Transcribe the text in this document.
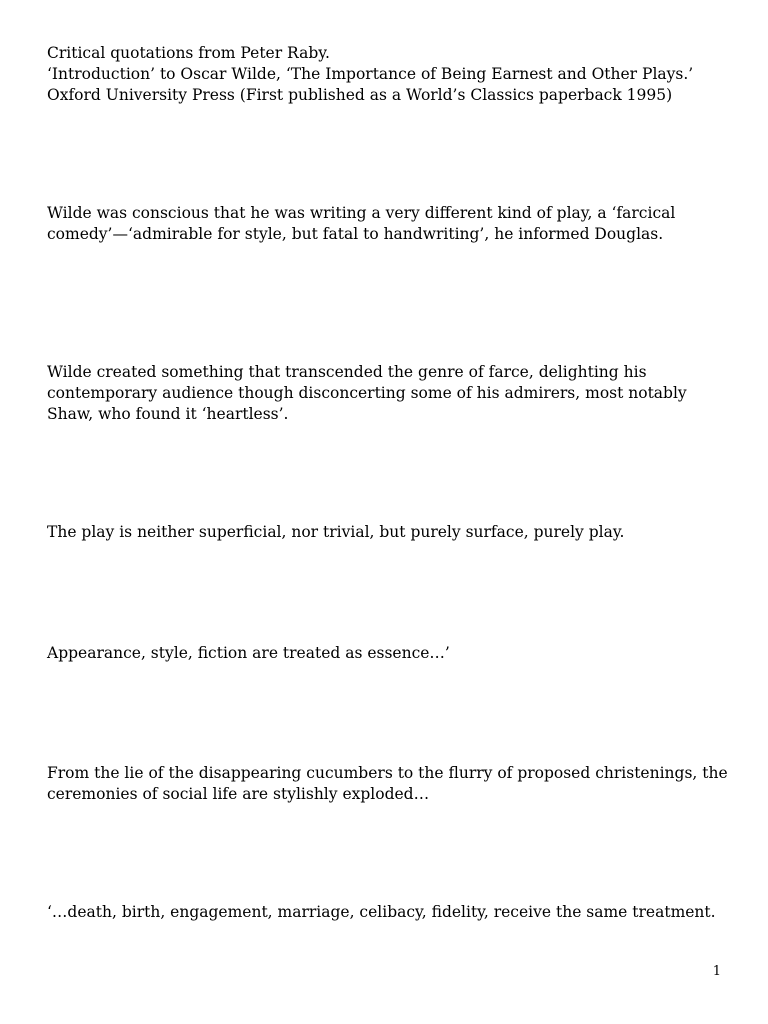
Critical quotations from Peter Raby.

‘Introduction’ to Oscar Wilde, ‘The Importance of Being Earnest and Other Plays.’

Oxford University Press (First published as a World’s Classics paperback 1995)

Wilde was conscious that he was writing a very different kind of play, a ‘farcical comedy’—‘admirable for style, but fatal to handwriting’, he informed Douglas.

Wilde created something that transcended the genre of farce, delighting his contemporary audience though disconcerting some of his admirers, most notably Shaw, who found it ‘heartless’.

The play is neither superficial, nor trivial, but purely surface, purely play.

Appearance, style, fiction are treated as essence…’

From the lie of the disappearing cucumbers to the flurry of proposed christenings, the ceremonies of social life are stylishly exploded…

‘…death, birth, engagement, marriage, celibacy, fidelity, receive the same treatment.

1
